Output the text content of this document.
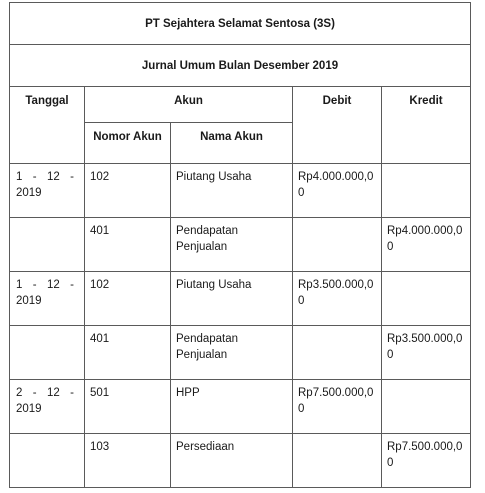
PT Sejahtera Selamat Sentosa (3S)				
Jurnal Umum Bulan Desember 2019				
Tanggal	Akun		Debit	Kredit
	Nomor Akun	Nama Akun		

1 - 12 -
2019	102	Piutang Usaha	Rp4.000.000,00	

	401	Pendapatan Penjualan		Rp4.000.000,00

1 - 12 -
2019	102	Piutang Usaha	Rp3.500.000,00	

	401	Pendapatan Penjualan		Rp3.500.000,00

2 - 12 -
2019	501	HPP	Rp7.500.000,00	

	103	Persediaan		Rp7.500.000,00
